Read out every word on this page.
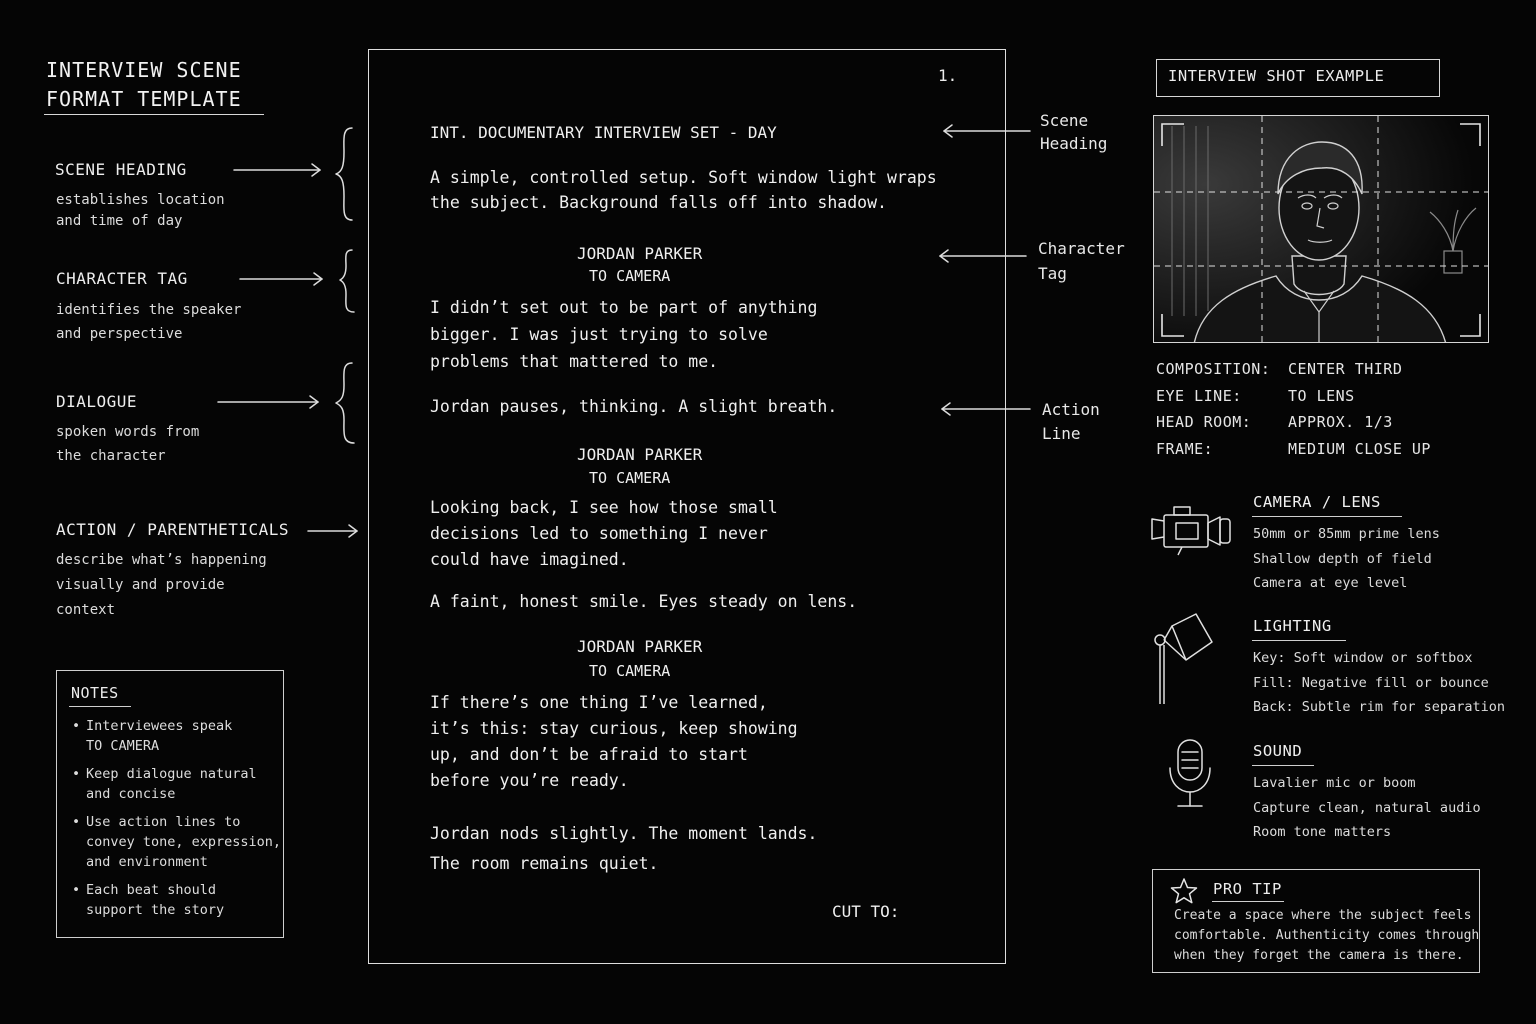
INTERVIEW SCENE
FORMAT TEMPLATE
SCENE HEADING
establishes location
and time of day
CHARACTER TAG
identifies the speaker
and perspective
DIALOGUE
spoken words from
the character
ACTION / PARENTHETICALS
describe what’s happening
visually and provide
context
NOTES
• Interviewees speak
TO CAMERA
• Keep dialogue natural
and concise
• Use action lines to
convey tone, expression,
and environment
• Each beat should
support the story
1.
INT. DOCUMENTARY INTERVIEW SET - DAY
A simple, controlled setup. Soft window light wraps
the subject. Background falls off into shadow.
JORDAN PARKER
TO CAMERA
I didn’t set out to be part of anything
bigger. I was just trying to solve
problems that mattered to me.
Jordan pauses, thinking. A slight breath.
JORDAN PARKER
TO CAMERA
Looking back, I see how those small
decisions led to something I never
could have imagined.
A faint, honest smile. Eyes steady on lens.
JORDAN PARKER
TO CAMERA
If there’s one thing I’ve learned,
it’s this: stay curious, keep showing
up, and don’t be afraid to start
before you’re ready.
Jordan nods slightly. The moment lands.
The room remains quiet.
CUT TO:
Scene
Heading
Character
Tag
Action
Line
INTERVIEW SHOT EXAMPLE
COMPOSITION: CENTER THIRD
EYE LINE:	TO LENS
HEAD ROOM: APPROX. 1/3
FRAME:	MEDIUM CLOSE UP
CAMERA / LENS
50mm or 85mm prime lens
Shallow depth of field
Camera at eye level
LIGHTING
Key: Soft window or softbox
Fill: Negative fill or bounce
Back: Subtle rim for separation
SOUND
Lavalier mic or boom
Capture clean, natural audio
Room tone matters
PRO TIP
Create a space where the subject feels
comfortable. Authenticity comes through
when they forget the camera is there.
